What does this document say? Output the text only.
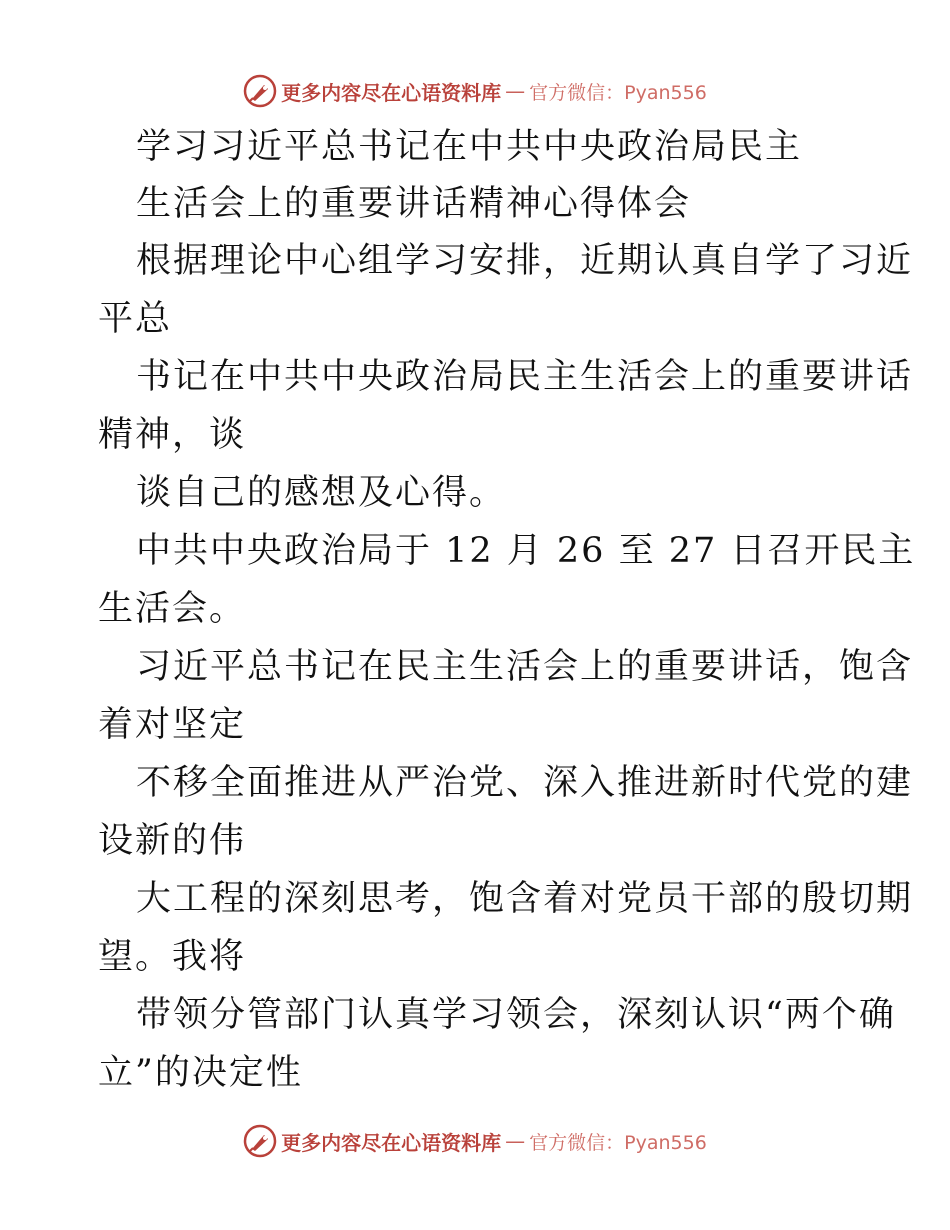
更多内容尽在心语资料库 — 官方微信：Pyan556

学习习近平总书记在中共中央政治局民主

生活会上的重要讲话精神心得体会

根据理论中心组学习安排，近期认真自学了习近

平总

书记在中共中央政治局民主生活会上的重要讲话

精神，谈

谈自己的感想及心得。

中共中央政治局于 12 月 26 至 27 日召开民主

生活会。

习近平总书记在民主生活会上的重要讲话，饱含

着对坚定

不移全面推进从严治党、深入推进新时代党的建

设新的伟

大工程的深刻思考，饱含着对党员干部的殷切期

望。我将

带领分管部门认真学习领会，深刻认识“两个确

立”的决定性

更多内容尽在心语资料库 — 官方微信：Pyan556
